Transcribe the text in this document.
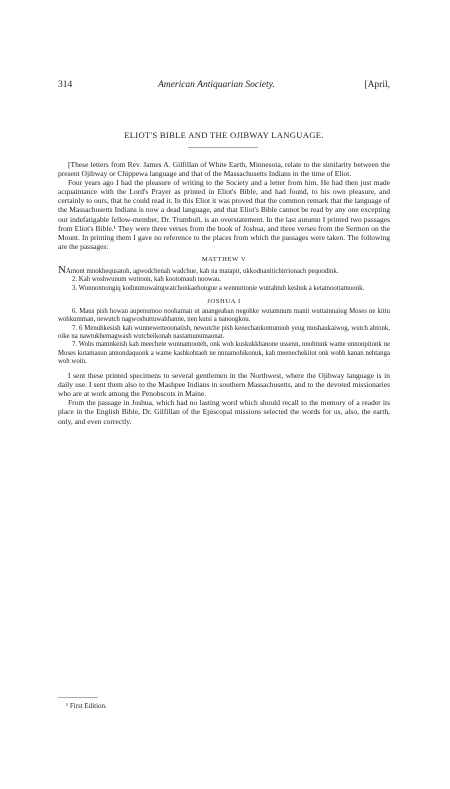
314	American Antiquarian Society.	[April,
ELIOT'S BIBLE AND THE OJIBWAY LANGUAGE.

[These letters from Rev. James A. Gilfillan of White Earth, Minnesota, relate to the similarity between the present Ojibway or Chippewa language and that of the Massachusetts Indians in the time of Eliot.

Four years ago I had the pleasure of writing to the Society and a letter from him. He had then just made acquaintance with the Lord's Prayer as printed in Eliot's Bible, and had found, to his own pleasure, and certainly to ours, that he could read it. In this Eliot it was proved that the common remark that the language of the Massachusetts Indians is now a dead language, and that Eliot's Bible cannot be read by any one excepting our indefatigable fellow-member, Dr. Trumbull, is an overstatement. In the last autumn I printed two passages from Eliot's Bible.¹ They were three verses from the book of Joshua, and three verses from the Sermon on the Mount. In printing them I gave no reference to the places from which the passages were taken. The following are the passages:

MATTHEW V

NAmont mnokhequsatoh, agwodchenah wadchue, kah na matapit, ukkodnanitichirrionach pequodink.

2. Kah woshwunum wuttoon, kah kootomauh noowau.

3. Wunnonnongiq kodnumuwaingwatchonkaehongue a wennuttonie wuttahtuh keshuk a ketamoottamoonk.

JOSHUA I

6. Maus pish howan aupenumoo noohaman ut anangeaban negohke wutamnum manit wuttainnaiug Moses ne kittu wohkumman, newutch nagwoshuttuwahhanne, nen kutsi a nanoogkou.

7. 6 Menuhkesish kah wunnewetteoonatish, newutche pish kenechankomunuoh yeug mushaukaiwog, wutch ahtonk, oike na nawtukhemagwash wutcheikonah nastamunumaonat.

7. Wohs mamnkeish kah meechete wunnamooteh, onk woh kuskukkhanone ussenn, nnohtunk wame unnonpitonk ne Moses kutamasun annondaquonk a wame kashkohtaeh ne nnnamohikonuk, kah meenechekitot onk wobh kanan nehtanga woh woin.

I sent these printed specimens to several gentlemen in the Northwest, where the Ojibway language is in daily use. I sent them also to the Mashpee Indians in southern Massachusetts, and to the devoted missionaries who are at work among the Penobscots in Maine.

From the passage in Joshua, which had no lasting word which should recall to the memory of a reader its place in the English Bible, Dr. Gilfillan of the Episcopal missions selected the words for us, also, the earth, only, and even correctly.

¹ First Edition.
